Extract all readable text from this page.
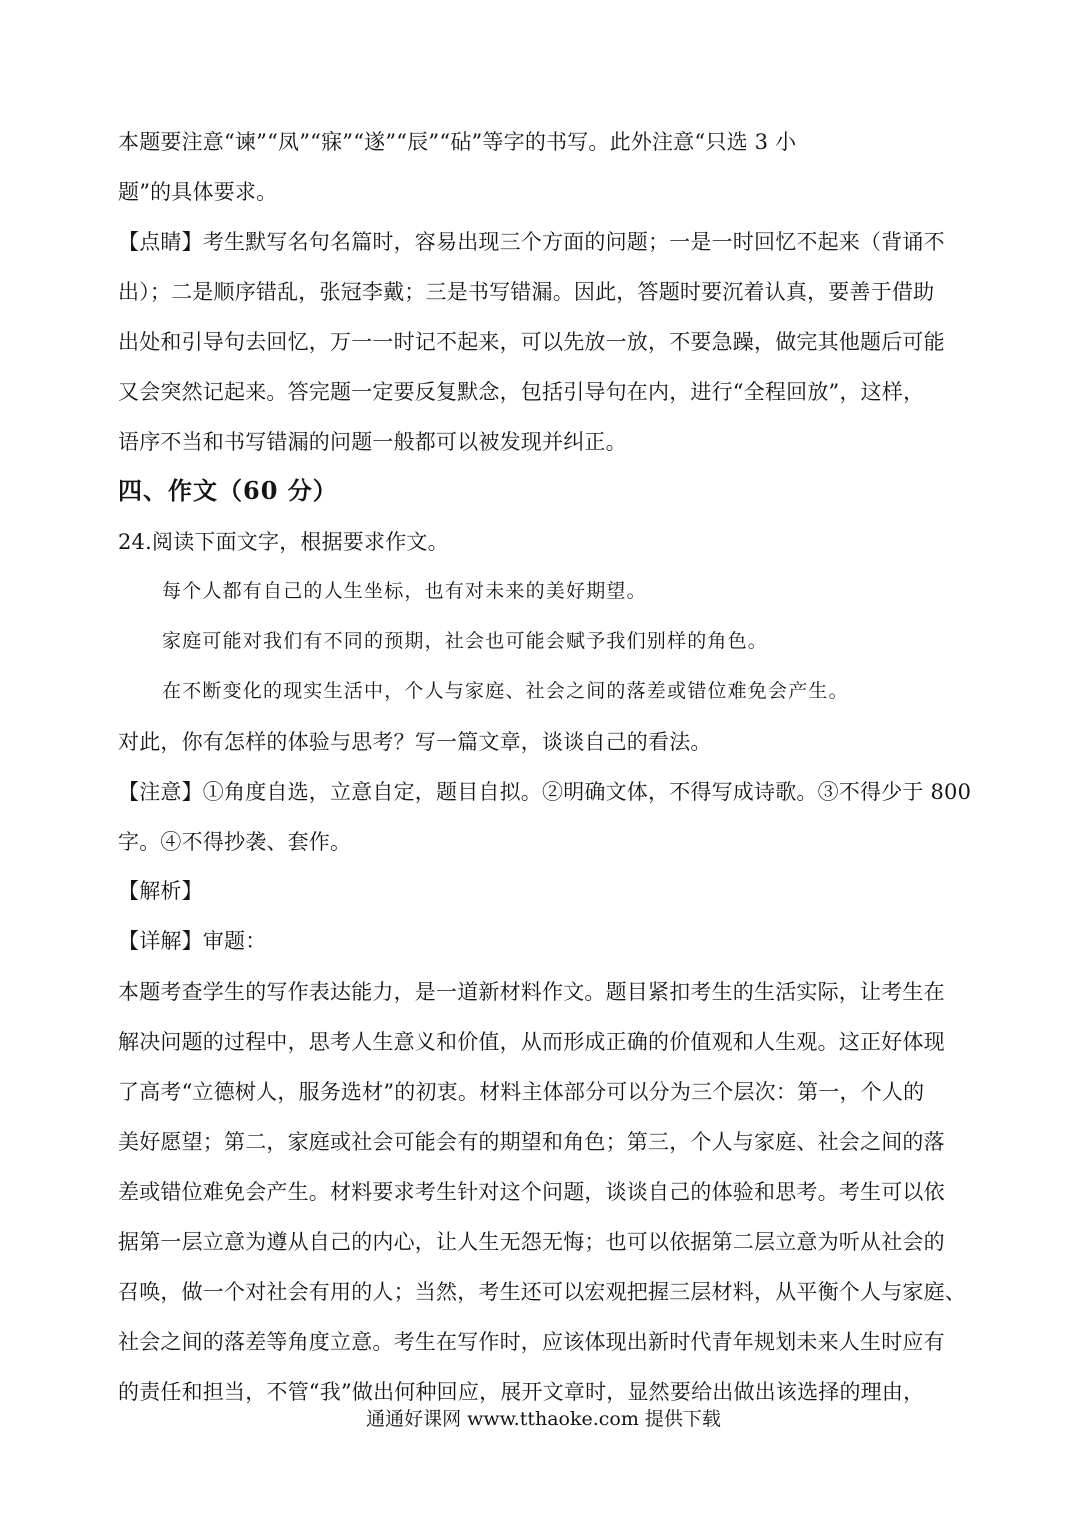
本题要注意“谏”“凤”“寐”“遂”“辰”“砧”等字的书写。此外注意“只选 3 小
题”的具体要求。
【点睛】考生默写名句名篇时，容易出现三个方面的问题；一是一时回忆不起来（背诵不
出）；二是顺序错乱，张冠李戴；三是书写错漏。因此，答题时要沉着认真，要善于借助
出处和引导句去回忆，万一一时记不起来，可以先放一放，不要急躁，做完其他题后可能
又会突然记起来。答完题一定要反复默念，包括引导句在内，进行“全程回放”，这样，
语序不当和书写错漏的问题一般都可以被发现并纠正。
四、作文（60 分）
24.阅读下面文字，根据要求作文。
每个人都有自己的人生坐标，也有对未来的美好期望。
家庭可能对我们有不同的预期，社会也可能会赋予我们别样的角色。
在不断变化的现实生活中，个人与家庭、社会之间的落差或错位难免会产生。
对此，你有怎样的体验与思考？写一篇文章，谈谈自己的看法。
【注意】①角度自选，立意自定，题目自拟。②明确文体，不得写成诗歌。③不得少于 800
字。④不得抄袭、套作。
【解析】
【详解】审题：
本题考查学生的写作表达能力，是一道新材料作文。题目紧扣考生的生活实际，让考生在
解决问题的过程中，思考人生意义和价值，从而形成正确的价值观和人生观。这正好体现
了高考“立德树人，服务选材”的初衷。材料主体部分可以分为三个层次：第一，个人的
美好愿望；第二，家庭或社会可能会有的期望和角色；第三，个人与家庭、社会之间的落
差或错位难免会产生。材料要求考生针对这个问题，谈谈自己的体验和思考。考生可以依
据第一层立意为遵从自己的内心，让人生无怨无悔；也可以依据第二层立意为听从社会的
召唤，做一个对社会有用的人；当然，考生还可以宏观把握三层材料，从平衡个人与家庭、
社会之间的落差等角度立意。考生在写作时，应该体现出新时代青年规划未来人生时应有
的责任和担当，不管“我”做出何种回应，展开文章时，显然要给出做出该选择的理由，
通通好课网 www.tthaoke.com 提供下载
